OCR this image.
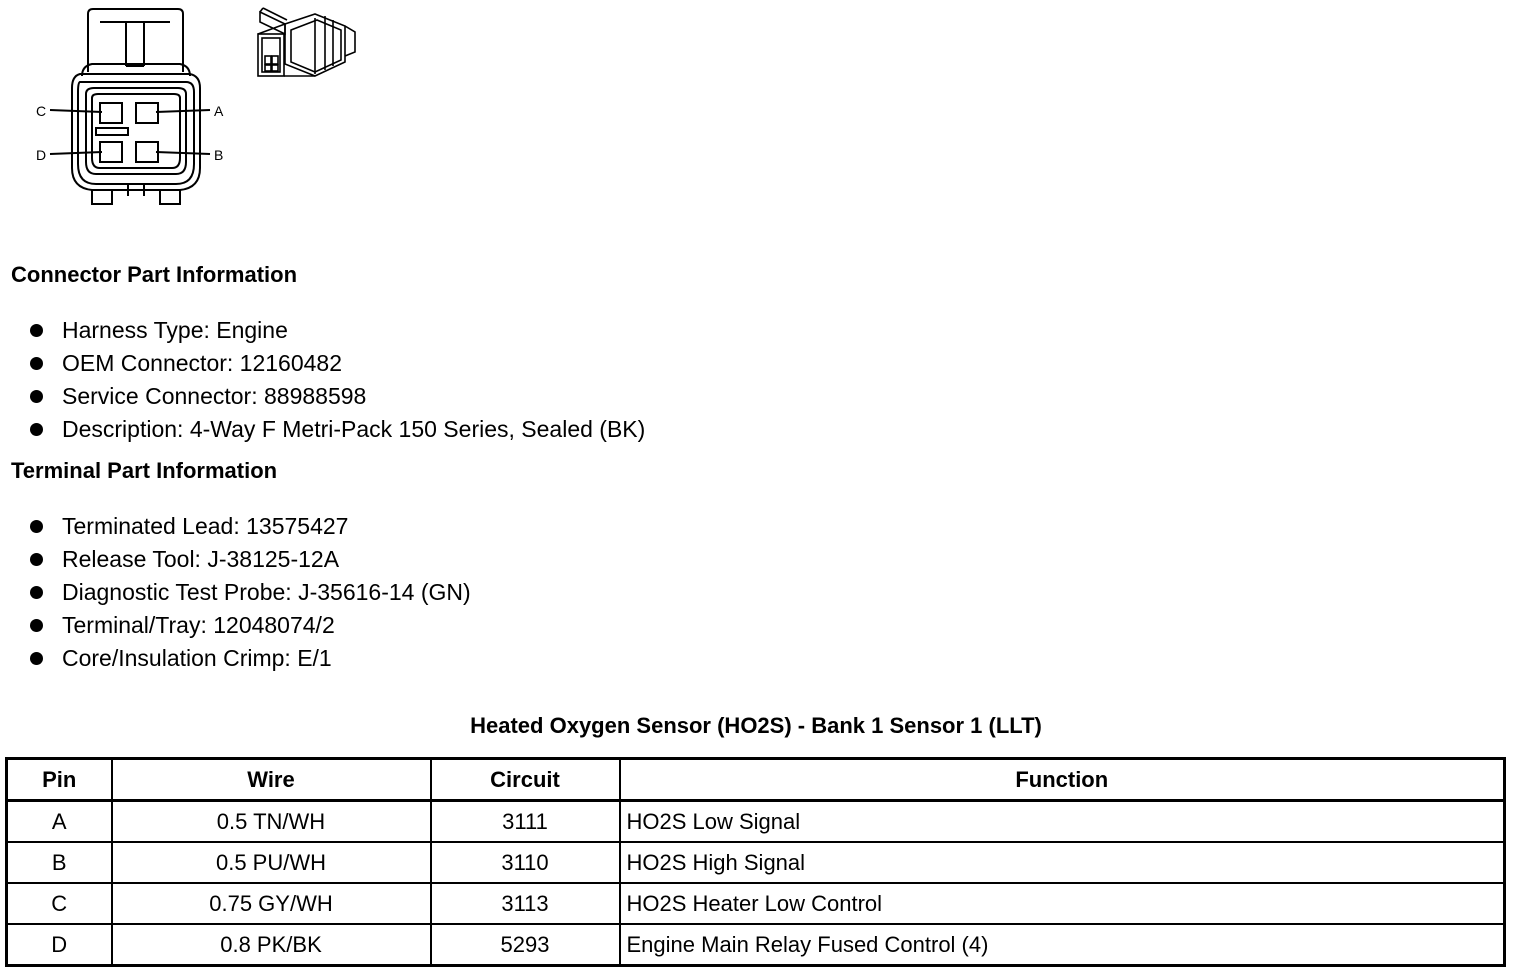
C
D
A
B
Connector Part Information
Harness Type: Engine
OEM Connector: 12160482
Service Connector: 88988598
Description: 4-Way F Metri-Pack 150 Series, Sealed (BK)
Terminal Part Information
Terminated Lead: 13575427
Release Tool: J-38125-12A
Diagnostic Test Probe: J-35616-14 (GN)
Terminal/Tray: 12048074/2
Core/Insulation Crimp: E/1
Heated Oxygen Sensor (HO2S) - Bank 1 Sensor 1 (LLT)
Pin	Wire	Circuit	Function
A	0.5 TN/WH	3111	HO2S Low Signal
B	0.5 PU/WH	3110	HO2S High Signal
C	0.75 GY/WH	3113	HO2S Heater Low Control
D	0.8 PK/BK	5293	Engine Main Relay Fused Control (4)
